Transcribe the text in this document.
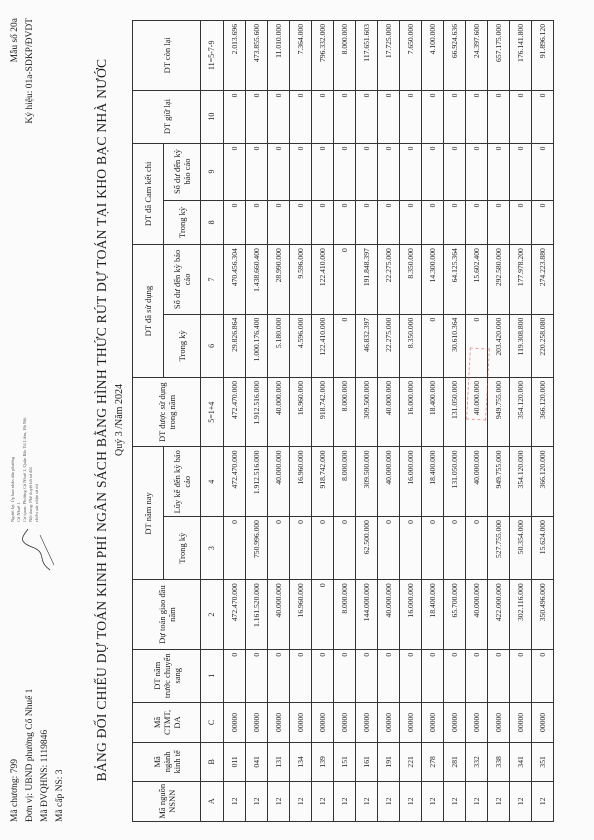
Mã chương: 799 Đơn vị: UBND phường Cổ Nhuế 1 Mã ĐVQHNS: 1119846 Mã cấp NS: 3
Người ký: Ủy ban nhân dân phường Cổ Nhuế 1 Cơ quan: Phường Cổ Nhuế 1, Quận Bắc Từ Liêm, Hà Nội Nội dung: Phê duyệt hồ sơ đối chiếu xác nhận số dư
Mẫu số 20a Ký hiệu: 01a-SDKP/ĐVDT	BẢNG ĐỐI CHIẾU DỰ TOÁN KINH PHÍ NGÂN SÁCH BẰNG HÌNH THỨC RÚT DỰ TOÁN TẠI KHO BẠC NHÀ NƯỚC Quý 3 /Năm 2024
Mã nguồn NSNN	Mã ngành kinh tế	Mã CTMT, DA	DT năm trước chuyển sang	Dự toán giao đầu năm	DT năm nay		DT được sử dụng trong năm	DT đã sử dụng		DT đã Cam kết chi		DT giữ lại	DT còn lại
					Trong kỳ	Lũy kế đến kỳ báo cáo		Trong kỳ	Số dư đến kỳ báo cáo	Trong kỳ	Số dư đến kỳ báo cáo		
A	B	C	1	2	3	4	5=1+4	6	7	8	9	10	11=5-7-9
12	011	00000	0	472.470.000	0	472.470.000	472.470.000	29.826.864	470.456.304	0	0	0	2.013.696
12	041	00000	0	1.161.520.000	750.996.000	1.912.516.000	1.912.516.000	1.000.176.400	1.438.660.400	0	0	0	473.855.600
12	131	00000	0	40.000.000	0	40.000.000	40.000.000	5.180.000	28.990.000	0	0	0	11.010.000
12	134	00000	0	16.960.000	0	16.960.000	16.960.000	4.596.000	9.596.000	0	0	0	7.364.000
12	139	00000	0	0	0	918.742.000	918.742.000	122.410.000	122.410.000	0	0	0	796.332.000
12	151	00000	0	8.000.000	0	8.000.000	8.000.000	0	0	0	0	0	8.000.000
12	161	00000	0	144.000.000	62.500.000	309.500.000	309.500.000	46.832.397	191.848.397	0	0	0	117.651.603
12	191	00000	0	40.000.000	0	40.000.000	40.000.000	22.275.000	22.275.000	0	0	0	17.725.000
12	221	00000	0	16.000.000	0	16.000.000	16.000.000	8.350.000	8.350.000	0	0	0	7.650.000
12	278	00000	0	18.400.000	0	18.400.000	18.400.000	0	14.300.000	0	0	0	4.100.000
12	281	00000	0	65.700.000	0	131.050.000	131.050.000	30.610.364	64.125.364	0	0	0	66.924.636
12	332	00000	0	40.000.000	0	40.000.000	40.000.000	0	15.602.400	0	0	0	24.397.600
12	338	00000	0	422.000.000	527.755.000	949.755.000	949.755.000	203.420.000	292.580.000	0	0	0	657.175.000
12	341	00000	0	302.116.000	50.354.000	354.120.000	354.120.000	119.308.800	177.978.200	0	0	0	176.141.800
12	351	00000	0	350.496.000	15.624.000	366.120.000	366.120.000	220.258.080	274.223.880	0	0	0	91.896.120
